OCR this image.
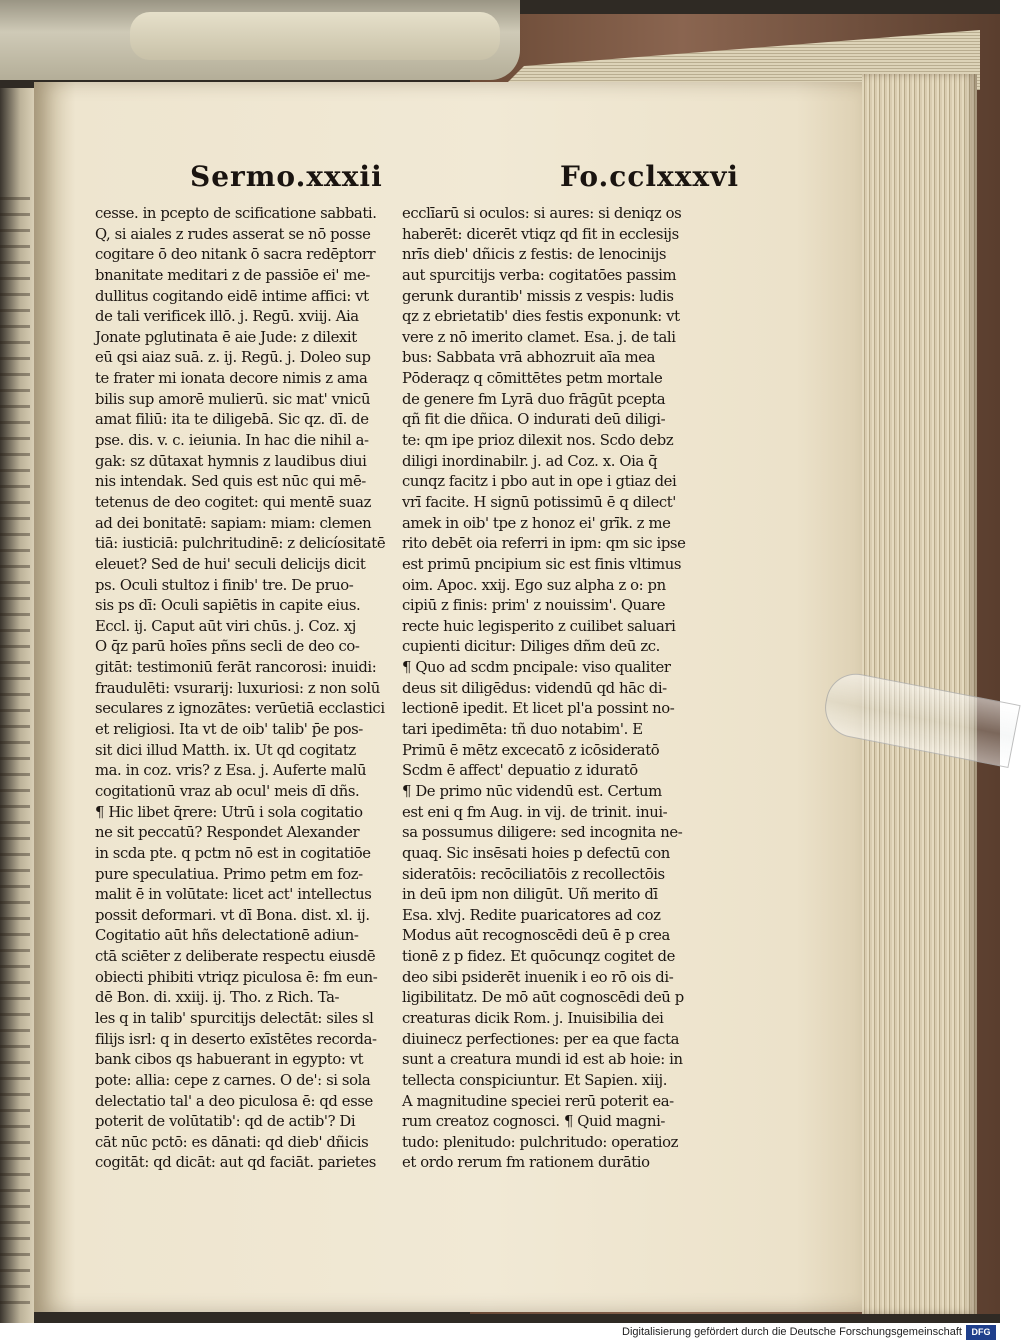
Sermo.xxxii	Fo.cclxxxvi
cesse. in pcepto de scificatione sabbati.
Q, si aiales z rudes asserat se nō posse
cogitare ō deo nitank ō sacra redēptorr
bnanitate meditari z de passiōe ei' me-
dullitus cogitando eidē intime affici: vt
de tali verificek illō. j. Regū. xviij. Aia
Jonate pglutinata ē aie Jude: z dilexit
eū qsi aiaz suā. z. ij. Regū. j. Doleo sup
te frater mi ionata decore nimis z ama
bilis sup amorē mulierū. sic mat' vnicū
amat filiū: ita te diligebā. Sic qz. dī. de
pse. dis. v. c. ieiunia. In hac die nihil a-
gak: sz dūtaxat hymnis z laudibus diui
nis intendak. Sed quis est nūc qui mē-
tetenus de deo cogitet: qui mentē suaz
ad dei bonitatē: sapiam: miam: clemen
tiā: iusticiā: pulchritudinē: z delicíositatē
eleuet? Sed de hui' seculi delicijs dicit
ps. Oculi stultoz i finib' tre. De pruo-
sis ps dī: Oculi sapiētis in capite eius.
Eccl. ij. Caput aūt viri chūs. j. Coz. xj
O q̄z parū hoīes pñns secli de deo co-
gitāt: testimoniū ferāt rancorosi: inuidi:
fraudulēti: vsurarij: luxuriosi: z non solū
seculares z ignozātes: verūetiā ecclastici
et religiosi. Ita vt de oib' talib' p̄e pos-
sit dici illud Matth. ix. Ut qd cogitatz
ma. in coz. vris? z Esa. j. Auferte malū
cogitationū vraz ab ocul' meis dī dñs.
¶ Hic libet q̄rere: Utrū i sola cogitatio
ne sit peccatū? Respondet Alexander
in scda pte. q pctm nō est in cogitatiōe
pure speculatiua. Primo petm em foz-
malit ē in volūtate: licet act' intellectus
possit deformari. vt dī Bona. dist. xl. ij.
Cogitatio aūt hñs delectationē adiun-
ctā sciēter z deliberate respectu eiusdē
obiecti phibiti vtriqz piculosa ē: fm eun-
dē Bon. di. xxiij. ij. Tho. z Rich. Ta-
les q in talib' spurcitijs delectāt: siles sl
filijs isrl: q in deserto exīstētes recorda-
bank cibos qs habuerant in egypto: vt
pote: allia: cepe z carnes. O de': si sola
delectatio tal' a deo piculosa ē: qd esse
poterit de volūtatib': qd de actib'? Di
cāt nūc pctō: es dānati: qd dieb' dñicis
cogitāt: qd dicāt: aut qd faciāt. parietes
ecclīarū si oculos: si aures: si deniqz os
haberēt: dicerēt vtiqz qd fit in ecclesijs
nrīs dieb' dñicis z festis: de lenocinijs
aut spurcitijs verba: cogitatōes passim
gerunk durantib' missis z vespis: ludis
qz z ebrietatib' dies festis exponunk: vt
vere z nō imerito clamet. Esa. j. de tali
bus: Sabbata vrā abhozruit aīa mea
Pōderaqz q cōmittētes petm mortale
de genere fm Lyrā duo frāgūt pcepta
qñ fit die dñica. O indurati deū diligi-
te: qm ipe prioz dilexit nos. Scdo debz
diligi inordinabilr. j. ad Coz. x. Oia q̄
cunqz facitz i pbo aut in ope i gtiaz dei
vrī facite. H signū potissimū ē q dilect'
amek in oib' tpe z honoz ei' grīk. z me
rito debēt oia referri in ipm: qm sic ipse
est primū pncipium sic est finis vltimus
oim. Apoc. xxij. Ego suz alpha z o: pn
cipiū z finis: prim' z nouissim'. Quare
recte huic legisperito z cuilibet saluari
cupienti dicitur: Diliges dñm deū zc.
¶ Quo ad scdm pncipale: viso qualiter
deus sit diligēdus: videndū qd hāc di-
lectionē ipedit. Et licet pl'a possint no-
tari ipedimēta: tñ duo notabim'. E
Primū ē mētz excecatō z icōsideratō
Scdm ē affect' depuatio z iduratō
¶ De primo nūc videndū est. Certum
est eni q fm Aug. in vij. de trinit. inui-
sa possumus diligere: sed incognita ne-
quaq. Sic insēsati hoies p defectū con
sideratōis: recōciliatōis z recollectōis
in deū ipm non diligūt. Uñ merito dī
Esa. xlvj. Redite puaricatores ad coz
Modus aūt recognoscēdi deū ē p crea
tionē z p fidez. Et quōcunqz cogitet de
deo sibi psiderēt inuenik i eo rō ois di-
ligibilitatz. De mō aūt cognoscēdi deū p
creaturas dicik Rom. j. Inuisibilia dei
diuinecz perfectiones: per ea que facta
sunt a creatura mundi id est ab hoie: in
tellecta conspiciuntur. Et Sapien. xiij.
A magnitudine speciei rerū poterit ea-
rum creatoz cognosci. ¶ Quid magni-
tudo: plenitudo: pulchritudo: operatioz
et ordo rerum fm rationem durātio
Digitalisierung gefördert durch die Deutsche Forschungsgemeinschaft	DFG
